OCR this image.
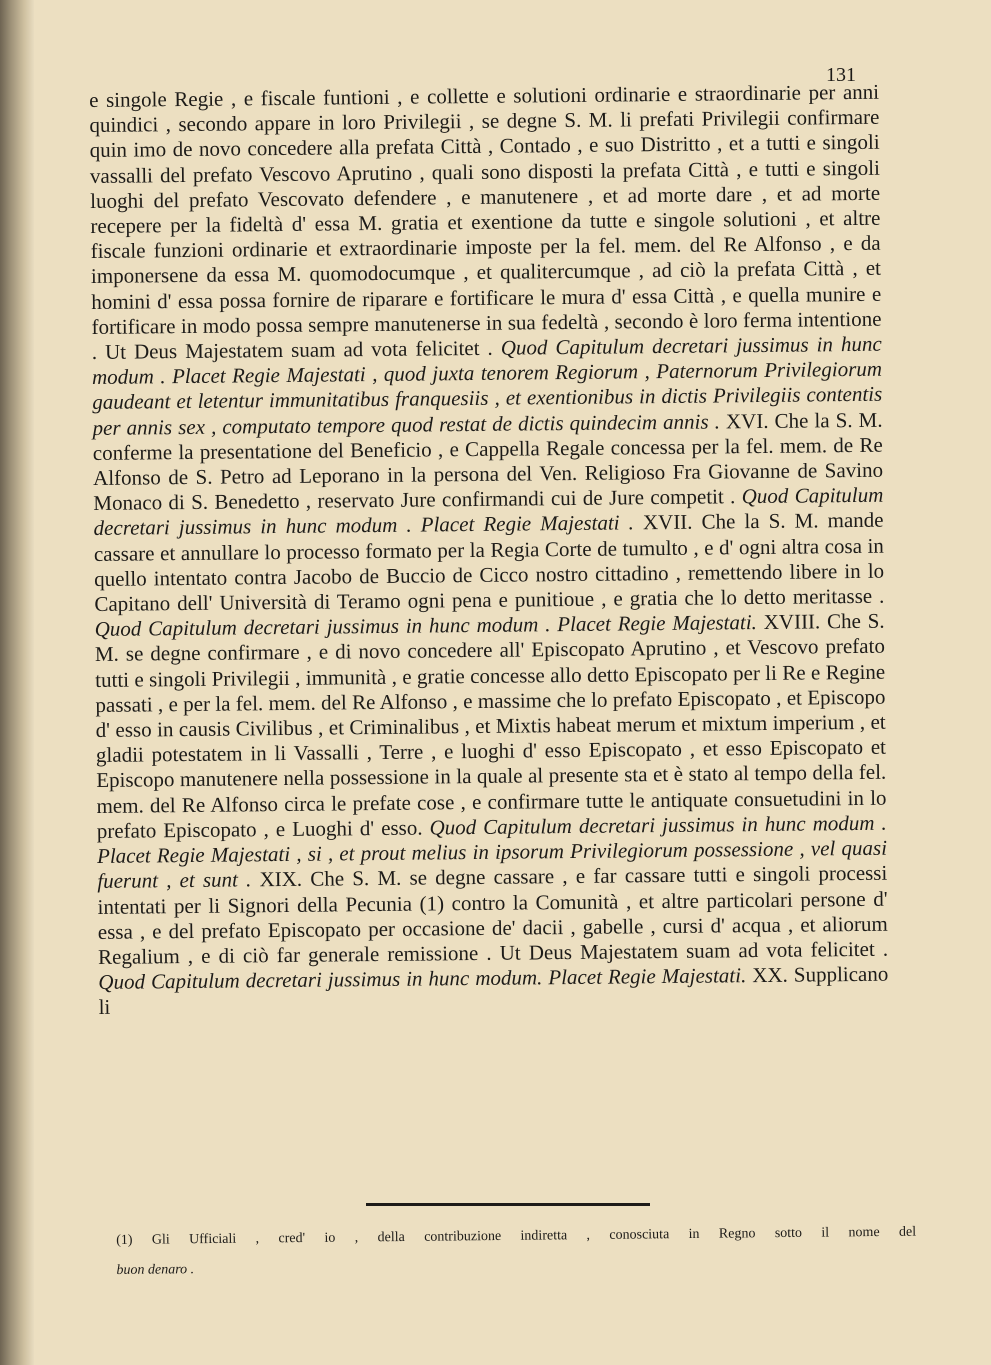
131

e singole Regie , e fiscale funtioni , e collette e solutioni ordinarie e straordinarie per anni quindici , secondo appare in loro Privilegii , se degne S. M. li prefati Privilegii confirmare quin imo de novo concedere alla prefata Città , Contado , e suo Distritto , et a tutti e singoli vassalli del prefato Vescovo Aprutino , quali sono disposti la prefata Città , e tutti e singoli luoghi del prefato Vescovato defendere , e manutenere , et ad morte dare , et ad morte recepere per la fideltà d' essa M. gratia et exentione da tutte e singole solutioni , et altre fiscale funzioni ordinarie et extraordinarie imposte per la fel. mem. del Re Alfonso , e da imponersene da essa M. quomodocumque , et qualitercumque , ad ciò la prefata Città , et homini d' essa possa fornire de riparare e fortificare le mura d' essa Città , e quella munire e fortificare in modo possa sempre manutenerse in sua fedeltà , secondo è loro ferma intentione . Ut Deus Majestatem suam ad vota felicitet . Quod Capitulum decretari jussimus in hunc modum . Placet Regie Majestati , quod juxta tenorem Regiorum , Paternorum Privilegiorum gaudeant et letentur immunitatibus franquesiis , et exentionibus in dictis Privilegiis contentis per annis sex , computato tempore quod restat de dictis quindecim annis . XVI. Che la S. M. conferme la presentatione del Beneficio , e Cappella Regale concessa per la fel. mem. de Re Alfonso de S. Petro ad Leporano in la persona del Ven. Religioso Fra Giovanne de Savino Monaco di S. Benedetto , reservato Jure confirmandi cui de Jure competit . Quod Capitulum decretari jussimus in hunc modum . Placet Regie Majestati . XVII. Che la S. M. mande cassare et annullare lo processo formato per la Regia Corte de tumulto , e d' ogni altra cosa in quello intentato contra Jacobo de Buccio de Cicco nostro cittadino , remettendo libere in lo Capitano dell' Università di Teramo ogni pena e punitioue , e gratia che lo detto meritasse . Quod Capitulum decretari jussimus in hunc modum . Placet Regie Majestati. XVIII. Che S. M. se degne confirmare , e di novo concedere all' Episcopato Aprutino , et Vescovo prefato tutti e singoli Privilegii , immunità , e gratie concesse allo detto Episcopato per li Re e Regine passati , e per la fel. mem. del Re Alfonso , e massime che lo prefato Episcopato , et Episcopo d' esso in causis Civilibus , et Criminalibus , et Mixtis habeat merum et mixtum imperium , et gladii potestatem in li Vassalli , Terre , e luoghi d' esso Episcopato , et esso Episcopato et Episcopo manutenere nella possessione in la quale al presente sta et è stato al tempo della fel. mem. del Re Alfonso circa le prefate cose , e confirmare tutte le antiquate consuetudini in lo prefato Episcopato , e Luoghi d' esso. Quod Capitulum decretari jussimus in hunc modum . Placet Regie Majestati , si , et prout melius in ipsorum Privilegiorum possessione , vel quasi fuerunt , et sunt . XIX. Che S. M. se degne cassare , e far cassare tutti e singoli processi intentati per li Signori della Pecunia (1) contro la Comunità , et altre particolari persone d' essa , e del prefato Episcopato per occasione de' dacii , gabelle , cursi d' acqua , et aliorum Regalium , e di ciò far generale remissione . Ut Deus Majestatem suam ad vota felicitet . Quod Capitulum decretari jussimus in hunc modum. Placet Regie Majestati. XX. Supplicano li

(1) Gli Ufficiali , cred' io , della contribuzione indiretta , conosciuta in Regno sotto il nome del
buon denaro .
